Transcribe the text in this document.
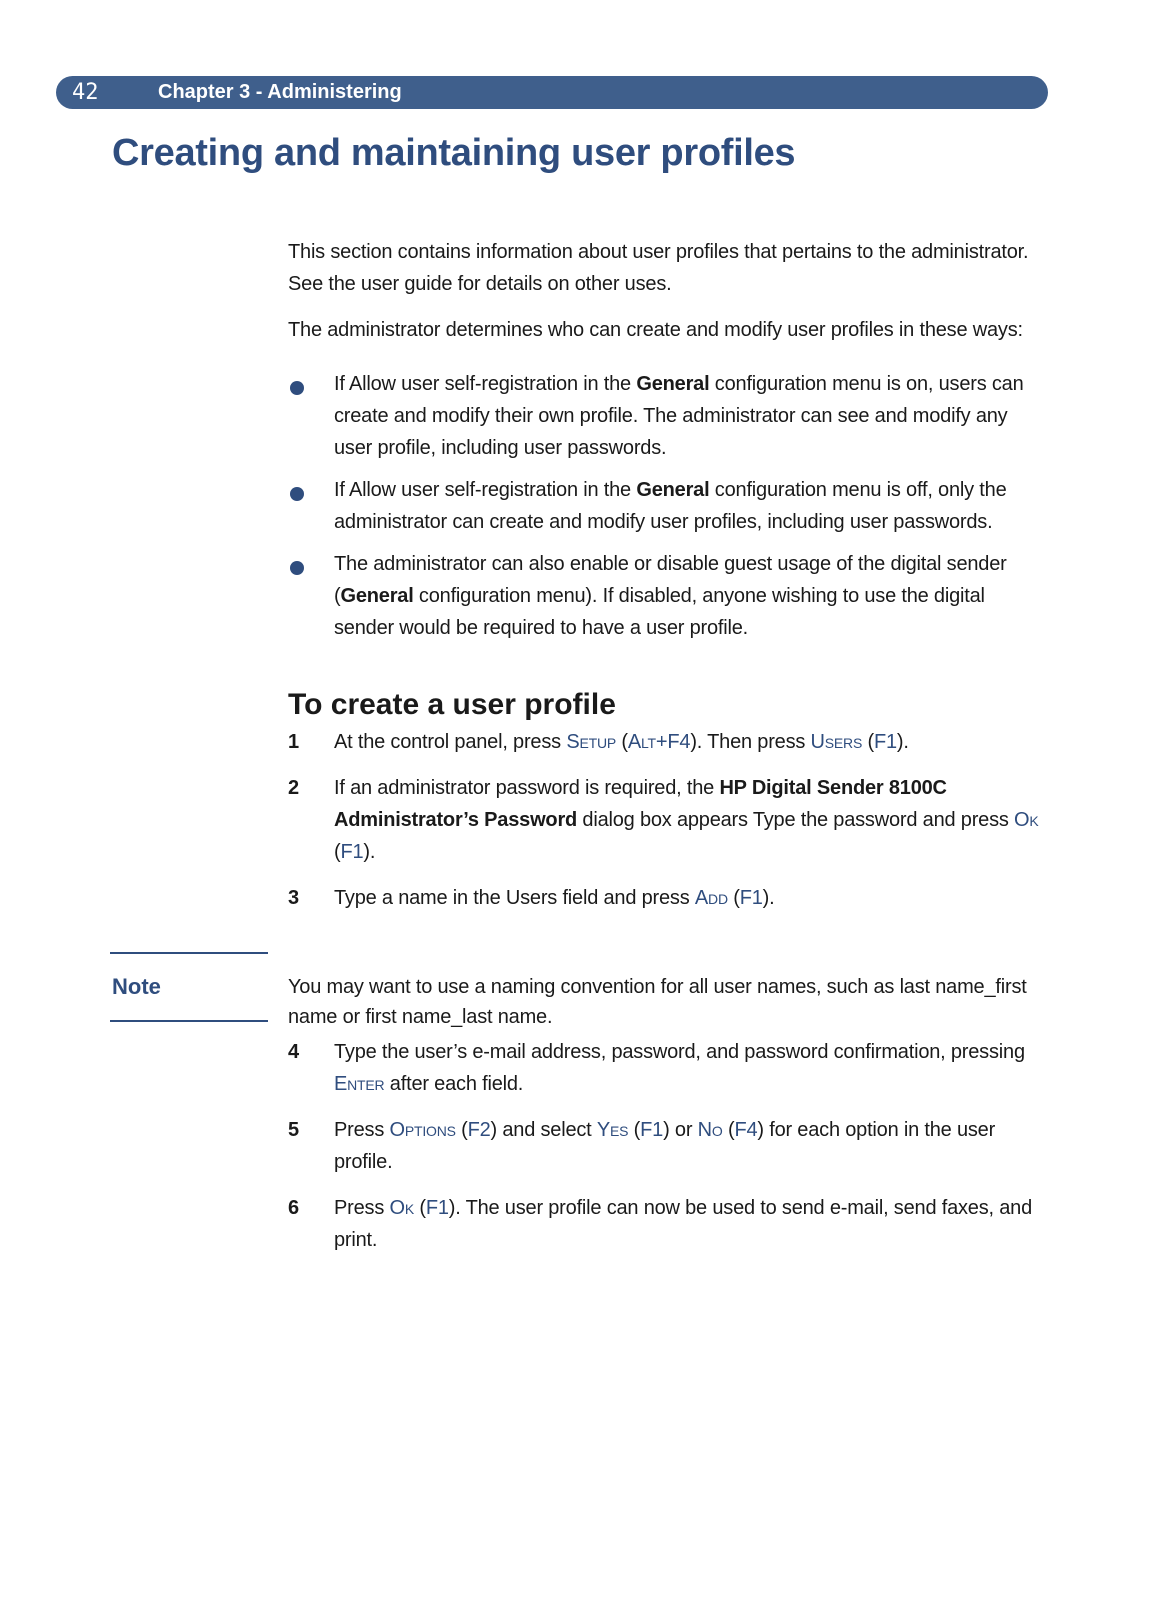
42	Chapter 3 - Administering
Creating and maintaining user profiles

This section contains information about user profiles that pertains to the administrator. See the user guide for details on other uses.

The administrator determines who can create and modify user profiles in these ways:

If Allow user self-registration in the General configuration menu is on, users can create and modify their own profile. The administrator can see and modify any user profile, including user passwords.
If Allow user self-registration in the General configuration menu is off, only the administrator can create and modify user profiles, including user passwords.
The administrator can also enable or disable guest usage of the digital sender (General configuration menu). If disabled, anyone wishing to use the digital sender would be required to have a user profile.
To create a user profile
1 At the control panel, press Setup (Alt+F4). Then press Users (F1).
2 If an administrator password is required, the HP Digital Sender 8100C Administrator’s Password dialog box appears Type the password and press Ok (F1).
3 Type a name in the Users field and press Add (F1).
Note	You may want to use a naming convention for all user names, such as last name_first name or first name_last name.
4 Type the user’s e-mail address, password, and password confirmation, pressing Enter after each field.
5 Press Options (F2) and select Yes (F1) or No (F4) for each option in the user profile.
6 Press Ok (F1). The user profile can now be used to send e-mail, send faxes, and print.
